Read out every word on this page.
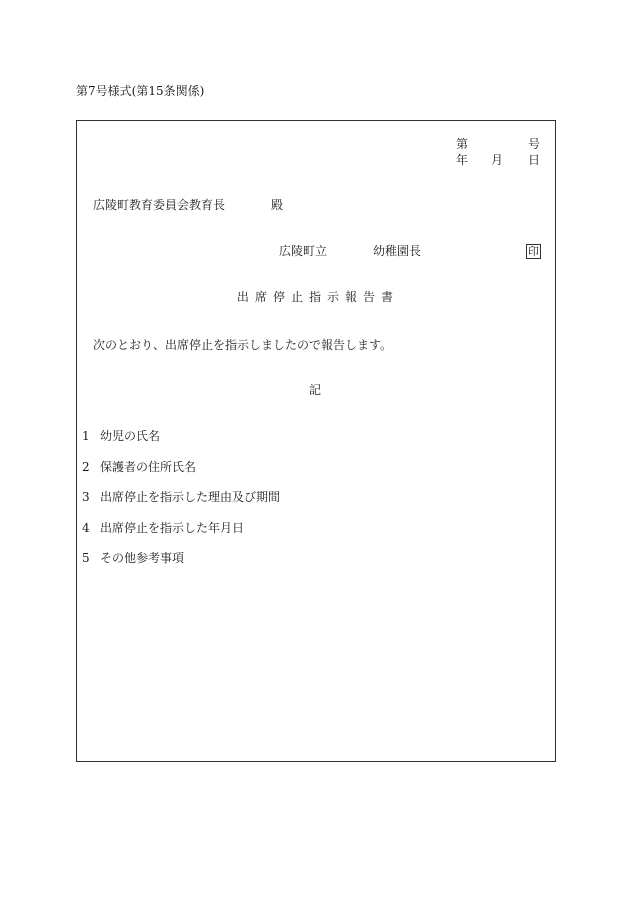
第7号様式(第15条関係)
第	号
年 月 日
広陵町教育委員会教育長	殿
広陵町立	幼稚園長	印
出 席 停 止 指 示 報 告 書
次のとおり、出席停止を指示しましたので報告します。
記
1 幼児の氏名
2 保護者の住所氏名
3 出席停止を指示した理由及び期間
4 出席停止を指示した年月日
5 その他参考事項
